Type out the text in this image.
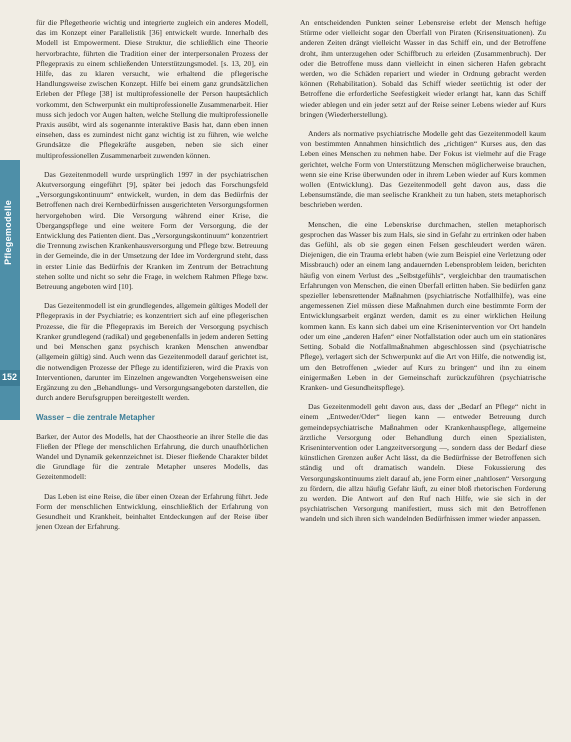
Pflegemodelle
152

für die Pflegetheorie wichtig und integrierte zugleich ein anderes Modell, das im Konzept einer Parallelistik [36] entwickelt wurde. Innerhalb des Modell ist Empowerment. Diese Struktur, die schließlich eine Theorie hervorbrachte, führten die Tradition einer der interpersonalen Prozess der Pflegepraxis zu einem schließenden Unterstützungsmodel. [s. 13, 20], ein Hilfe, das zu klaren versucht, wie erhaltend die pflegerische Handlungsweise zwischen Konzept. Hilfe bei einem ganz grundsätzlichen Erleben der Pflege [38] ist multiprofessionelle der Person hauptsächlich vorkommt, den Schwerpunkt ein multiprofessionelle Zusammenarbeit. Hier muss sich jedoch vor Augen halten, welche Stellung die multiprofessionelle Praxis ausübt, wird als sogenannte interaktive Basis hat, dann eben innen einsehen, dass es zumindest nicht ganz wichtig ist zu führen, wie welche Grundsätze die Pflegekräfte ausgeben, neben sie sich einer multiprofessionellen Zusammenarbeit zuwenden können.

Das Gezeitenmodell wurde ursprünglich 1997 in der psychiatrischen Akutversorgung eingeführt [9], später bei jedoch das Forschungsfeld „Versorgungskontinuum“ entwickelt, wurden, in dem das Bedürfnis der Betroffenen nach drei Kernbedürfnissen ausgerichteten Versorgungsformen hervorgehoben wird. Die Versorgung während einer Krise, die Übergangspflege und eine weitere Form der Versorgung, die der Entwicklung des Patienten dient. Das „Versorgungskontinuum“ konzentriert die Trennung zwischen Krankenhausversorgung und Pflege bzw. Betreuung in der Gemeinde, die in der Umsetzung der Idee im Vordergrund steht, dass in erster Linie das Bedürfnis der Kranken im Zentrum der Betrachtung stehen sollte und nicht so sehr die Frage, in welchem Rahmen Pflege bzw. Betreuung angeboten wird [10].

Das Gezeitenmodell ist ein grundlegendes, allgemein gültiges Modell der Pflegepraxis in der Psychiatrie; es konzentriert sich auf eine pflegerischen Prozesse, die für die Pflegepraxis im Bereich der Versorgung psychisch Kranker grundlegend (radikal) und gegebenenfalls in jedem anderen Setting und bei Menschen ganz psychisch kranken Menschen anwendbar (allgemein gültig) sind. Auch wenn das Gezeitenmodell darauf gerichtet ist, die notwendigen Prozesse der Pflege zu identifizieren, wird die Praxis von Interventionen, darunter im Einzelnen angewandten Vorgehensweisen eine Ergänzung zu den „Behandlungs- und Versorgungsangeboten darstellen, die durch andere Berufsgruppen bereitgestellt werden.

Wasser – die zentrale Metapher

Barker, der Autor des Modells, hat der Chaostheorie an ihrer Stelle die das Fließen der Pflege der menschlichen Erfahrung, die durch unaufhörlichen Wandel und Dynamik gekennzeichnet ist. Dieser fließende Charakter bildet die Grundlage für die zentrale Metapher unseres Modells, das Gezeitenmodell:

Das Leben ist eine Reise, die über einen Ozean der Erfahrung führt. Jede Form der menschlichen Entwicklung, einschließlich der Erfahrung von Gesundheit und Krankheit, beinhaltet Entdeckungen auf der Reise über jenen Ozean der Erfahrung.

An entscheidenden Punkten seiner Lebensreise erlebt der Mensch heftige Stürme oder vielleicht sogar den Überfall von Piraten (Krisensituationen). Zu anderen Zeiten drängt vielleicht Wasser in das Schiff ein, und der Betroffene droht, ihm unterzugehen oder Schiffbruch zu erleiden (Zusammenbruch). Der oder die Betroffene muss dann vielleicht in einen sicheren Hafen gebracht werden, wo die Schäden repariert und wieder in Ordnung gebracht werden können (Rehabilitation). Sobald das Schiff wieder seetüchtig ist oder der Betroffene die erforderliche Seefestigkeit wieder erlangt hat, kann das Schiff wieder ablegen und ein jeder setzt auf der Reise seiner Lebens wieder auf Kurs bringen (Wiederherstellung).

Anders als normative psychiatrische Modelle geht das Gezeitenmodell kaum von bestimmten Annahmen hinsichtlich des „richtigen“ Kurses aus, den das Leben eines Menschen zu nehmen habe. Der Fokus ist vielmehr auf die Frage gerichtet, welche Form von Unterstützung Menschen möglicherweise brauchen, wenn sie eine Krise überwunden oder in ihrem Leben wieder auf Kurs kommen wollen (Entwicklung). Das Gezeitenmodell geht davon aus, dass die Lebensumstände, die man seelische Krankheit zu tun haben, stets metaphorisch beschrieben werden.

Menschen, die eine Lebenskrise durchmachen, stellen metaphorisch gesprochen das Wasser bis zum Hals, sie sind in Gefahr zu ertrinken oder haben das Gefühl, als ob sie gegen einen Felsen geschleudert werden wären. Diejenigen, die ein Trauma erlebt haben (wie zum Beispiel eine Verletzung oder Missbrauch) oder an einem lang andauernden Lebensproblem leiden, berichten häufig von einem Verlust des „Selbstgefühls“, vergleichbar den traumatischen Erfahrungen von Menschen, die einen Überfall erlitten haben. Sie bedürfen ganz spezieller lebensrettender Maßnahmen (psychiatrische Notfallhilfe), was eine angemessenen Ziel müssen diese Maßnahmen durch eine bestimmte Form der Entwicklungsarbeit ergänzt werden, damit es zu einer wirklichen Heilung kommen kann. Es kann sich dabei um eine Krisenintervention vor Ort handeln oder um eine „anderen Hafen“ einer Notfallstation oder auch um ein stationäres Setting. Sobald die Notfallmaßnahmen abgeschlossen sind (psychiatrische Pflege), verlagert sich der Schwerpunkt auf die Art von Hilfe, die notwendig ist, um den Betroffenen „wieder auf Kurs zu bringen“ und ihn zu einem einigermaßen Leben in der Gemeinschaft zurückzuführen (psychiatrische Kranken- und Gesundheitspflege).

Das Gezeitenmodell geht davon aus, dass der „Bedarf an Pflege“ nicht in einem „Entweder/Oder“ liegen kann — entweder Betreuung durch gemeindepsychiatrische Maßnahmen oder Krankenhauspflege, allgemeine ärztliche Versorgung oder Behandlung durch einen Spezialisten, Krisenintervention oder Langzeitversorgung —, sondern dass der Bedarf diese künstlichen Grenzen außer Acht lässt, da die Bedürfnisse der Betroffenen sich ständig und oft dramatisch wandeln. Diese Fokussierung des Versorgungskontinuums zielt darauf ab, jene Form einer „nahtlosen“ Versorgung zu fördern, die allzu häufig Gefahr läuft, zu einer bloß rhetorischen Forderung zu werden. Die Antwort auf den Ruf nach Hilfe, wie sie sich in der psychiatrischen Versorgung manifestiert, muss sich mit den Betroffenen wandeln und sich ihren sich wandelnden Bedürfnissen immer wieder anpassen.
